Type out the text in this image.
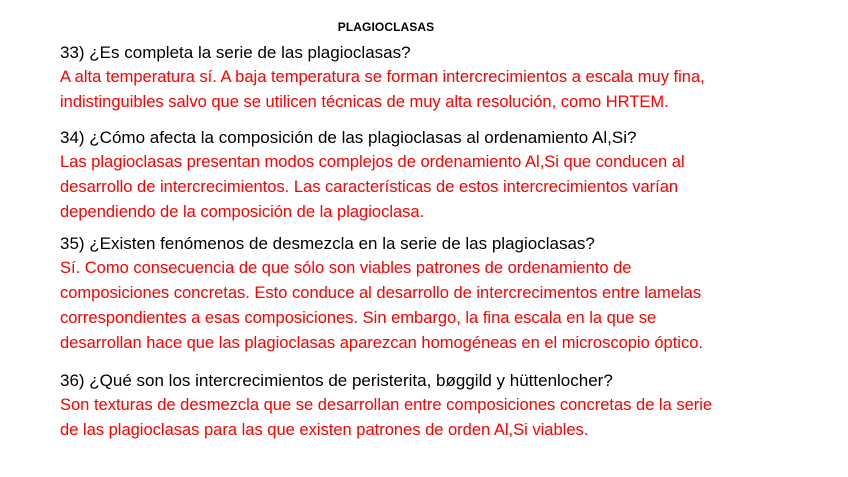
PLAGIOCLASAS
33) ¿Es completa la serie de las plagioclasas?
A alta temperatura sí. A baja temperatura se forman intercrecimientos a escala muy fina,
indistinguibles salvo que se utilicen técnicas de muy alta resolución, como HRTEM.
34) ¿Cómo afecta la composición de las plagioclasas al ordenamiento Al,Si?
Las plagioclasas presentan modos complejos de ordenamiento Al,Si que conducen al
desarrollo de intercrecimientos. Las características de estos intercrecimientos varían
dependiendo de la composición de la plagioclasa.
35) ¿Existen fenómenos de desmezcla en la serie de las plagioclasas?
Sí. Como consecuencia de que sólo son viables patrones de ordenamiento de
composiciones concretas. Esto conduce al desarrollo de intercrecimentos entre lamelas
correspondientes a esas composiciones. Sin embargo, la fina escala en la que se
desarrollan hace que las plagioclasas aparezcan homogéneas en el microscopio óptico.
36) ¿Qué son los intercrecimientos de peristerita, bøggild y hüttenlocher?
Son texturas de desmezcla que se desarrollan entre composiciones concretas de la serie
de las plagioclasas para las que existen patrones de orden Al,Si viables.
